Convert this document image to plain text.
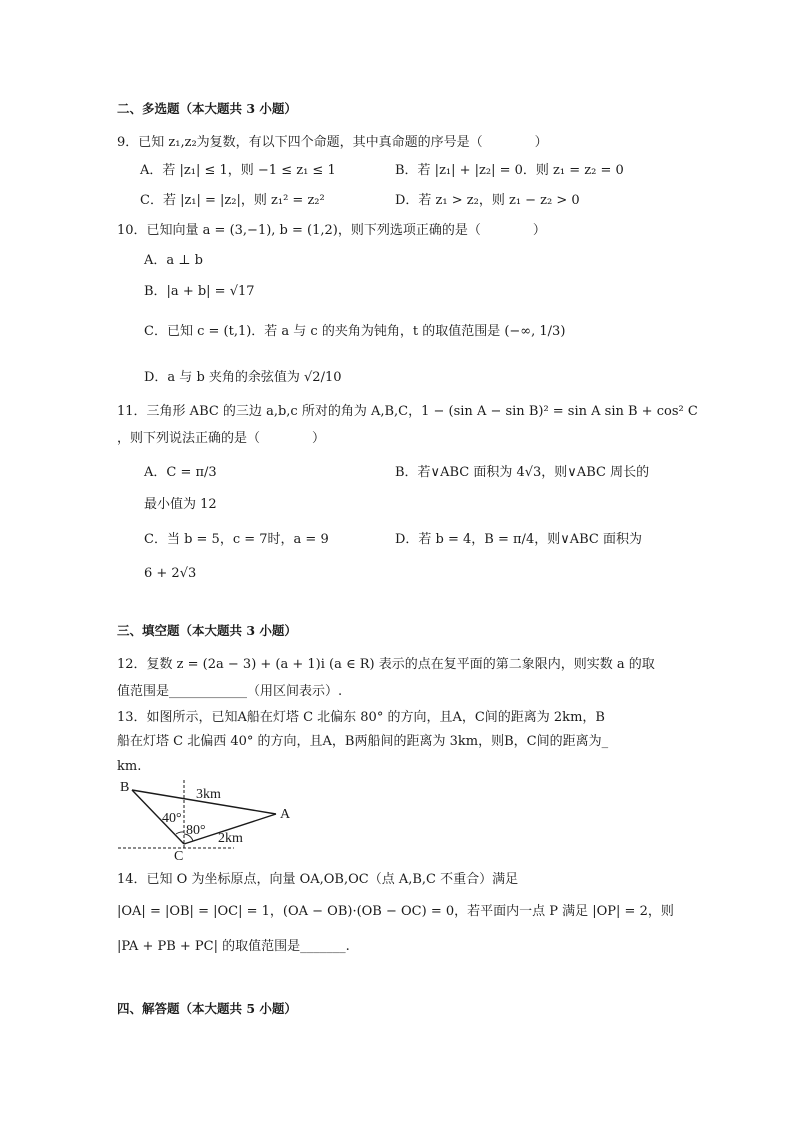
二、多选题（本大题共 3 小题）
9．已知 z₁,z₂为复数，有以下四个命题，其中真命题的序号是（　　　　）
A．若 |z₁| ≤ 1，则 −1 ≤ z₁ ≤ 1	B．若 |z₁| + |z₂| = 0．则 z₁ = z₂ = 0
C．若 |z₁| = |z₂|，则 z₁² = z₂²	D．若 z₁ > z₂，则 z₁ − z₂ > 0
10．已知向量 a = (3,−1), b = (1,2)，则下列选项正确的是（　　　　）
A．a ⊥ b
B．|a + b| = √17
C．已知 c = (t,1)．若 a 与 c 的夹角为钝角，t 的取值范围是 (−∞, 1/3)
D．a 与 b 夹角的余弦值为 √2/10
11．三角形 ABC 的三边 a,b,c 所对的角为 A,B,C，1 − (sin A − sin B)² = sin A sin B + cos² C
，则下列说法正确的是（　　　　）
A．C = π/3	B．若∨ABC 面积为 4√3，则∨ABC 周长的
最小值为 12
C．当 b = 5，c = 7时，a = 9	D．若 b = 4，B = π/4，则∨ABC 面积为
6 + 2√3
三、填空题（本大题共 3 小题）
12．复数 z = (2a − 3) + (a + 1)i (a ∈ R) 表示的点在复平面的第二象限内，则实数 a 的取
值范围是____________（用区间表示）.
13．如图所示，已知A船在灯塔 C 北偏东 80° 的方向，且A，C间的距离为 2km，B
船在灯塔 C 北偏西 40° 的方向，且A，B两船间的距离为 3km，则B，C间的距离为_
km.
B
A
C
3km
2km
40°
80°
14．已知 O 为坐标原点，向量 OA,OB,OC（点 A,B,C 不重合）满足
|OA| = |OB| = |OC| = 1，(OA − OB)·(OB − OC) = 0，若平面内一点 P 满足 |OP| = 2，则
|PA + PB + PC| 的取值范围是_______.
四、解答题（本大题共 5 小题）
